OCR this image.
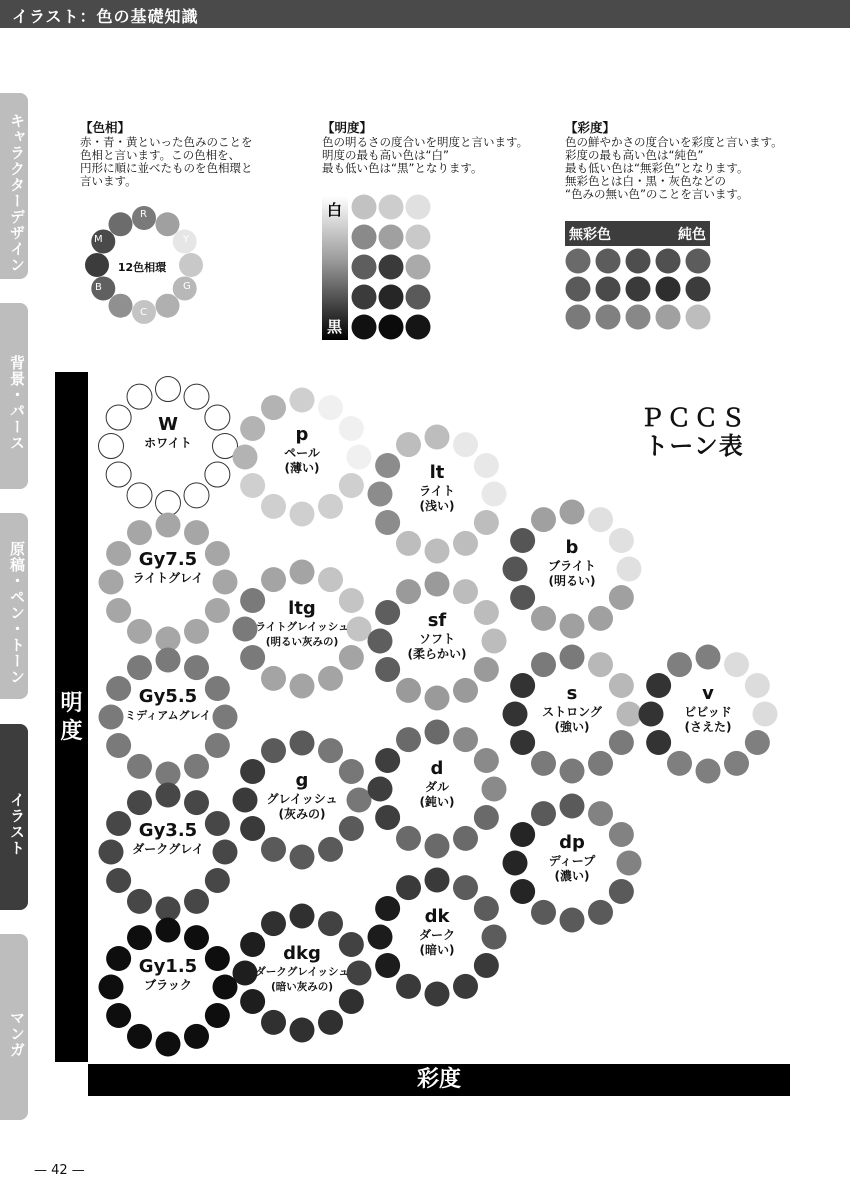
イラスト：色の基礎知識
キャラクターデザイン
背景・パース
原稿・ペン・トーン
イラスト
マンガ
【色相】
赤・青・黄といった色みのことを
色相と言います。この色相を、
円形に順に並べたものを色相環と
言います。
【明度】
色の明るさの度合いを明度と言います。
明度の最も高い色は“白”
最も低い色は“黒”となります。
【彩度】
色の鮮やかさの度合いを彩度と言います。
彩度の最も高い色は“純色”
最も低い色は“無彩色”となります。
無彩色とは白・黒・灰色などの
“色みの無い色”のことを言います。
白
黒
無彩色	純色
12色相環
R
Y
G
C
B
M
ＰＣＣＳ
トーン表
明度
彩度
W
ホワイト	p
ペール
(薄い)	lt
ライト
(浅い)
b
ブライト
(明るい)
Gy7.5
ライトグレイ
ltg
ライトグレイッシュ
(明るい灰みの)
sf
ソフト
(柔らかい)
Gy5.5
ミディアムグレイ
s
ストロング
(強い)
v
ビビッド
(さえた)
g
グレイッシュ
(灰みの)
d
ダル
(鈍い)
Gy3.5
ダークグレイ	dp
ディープ
(濃い)
dk
ダーク
(暗い)
dkg
ダークグレイッシュ
(暗い灰みの)
Gy1.5
ブラック
— 42 —
